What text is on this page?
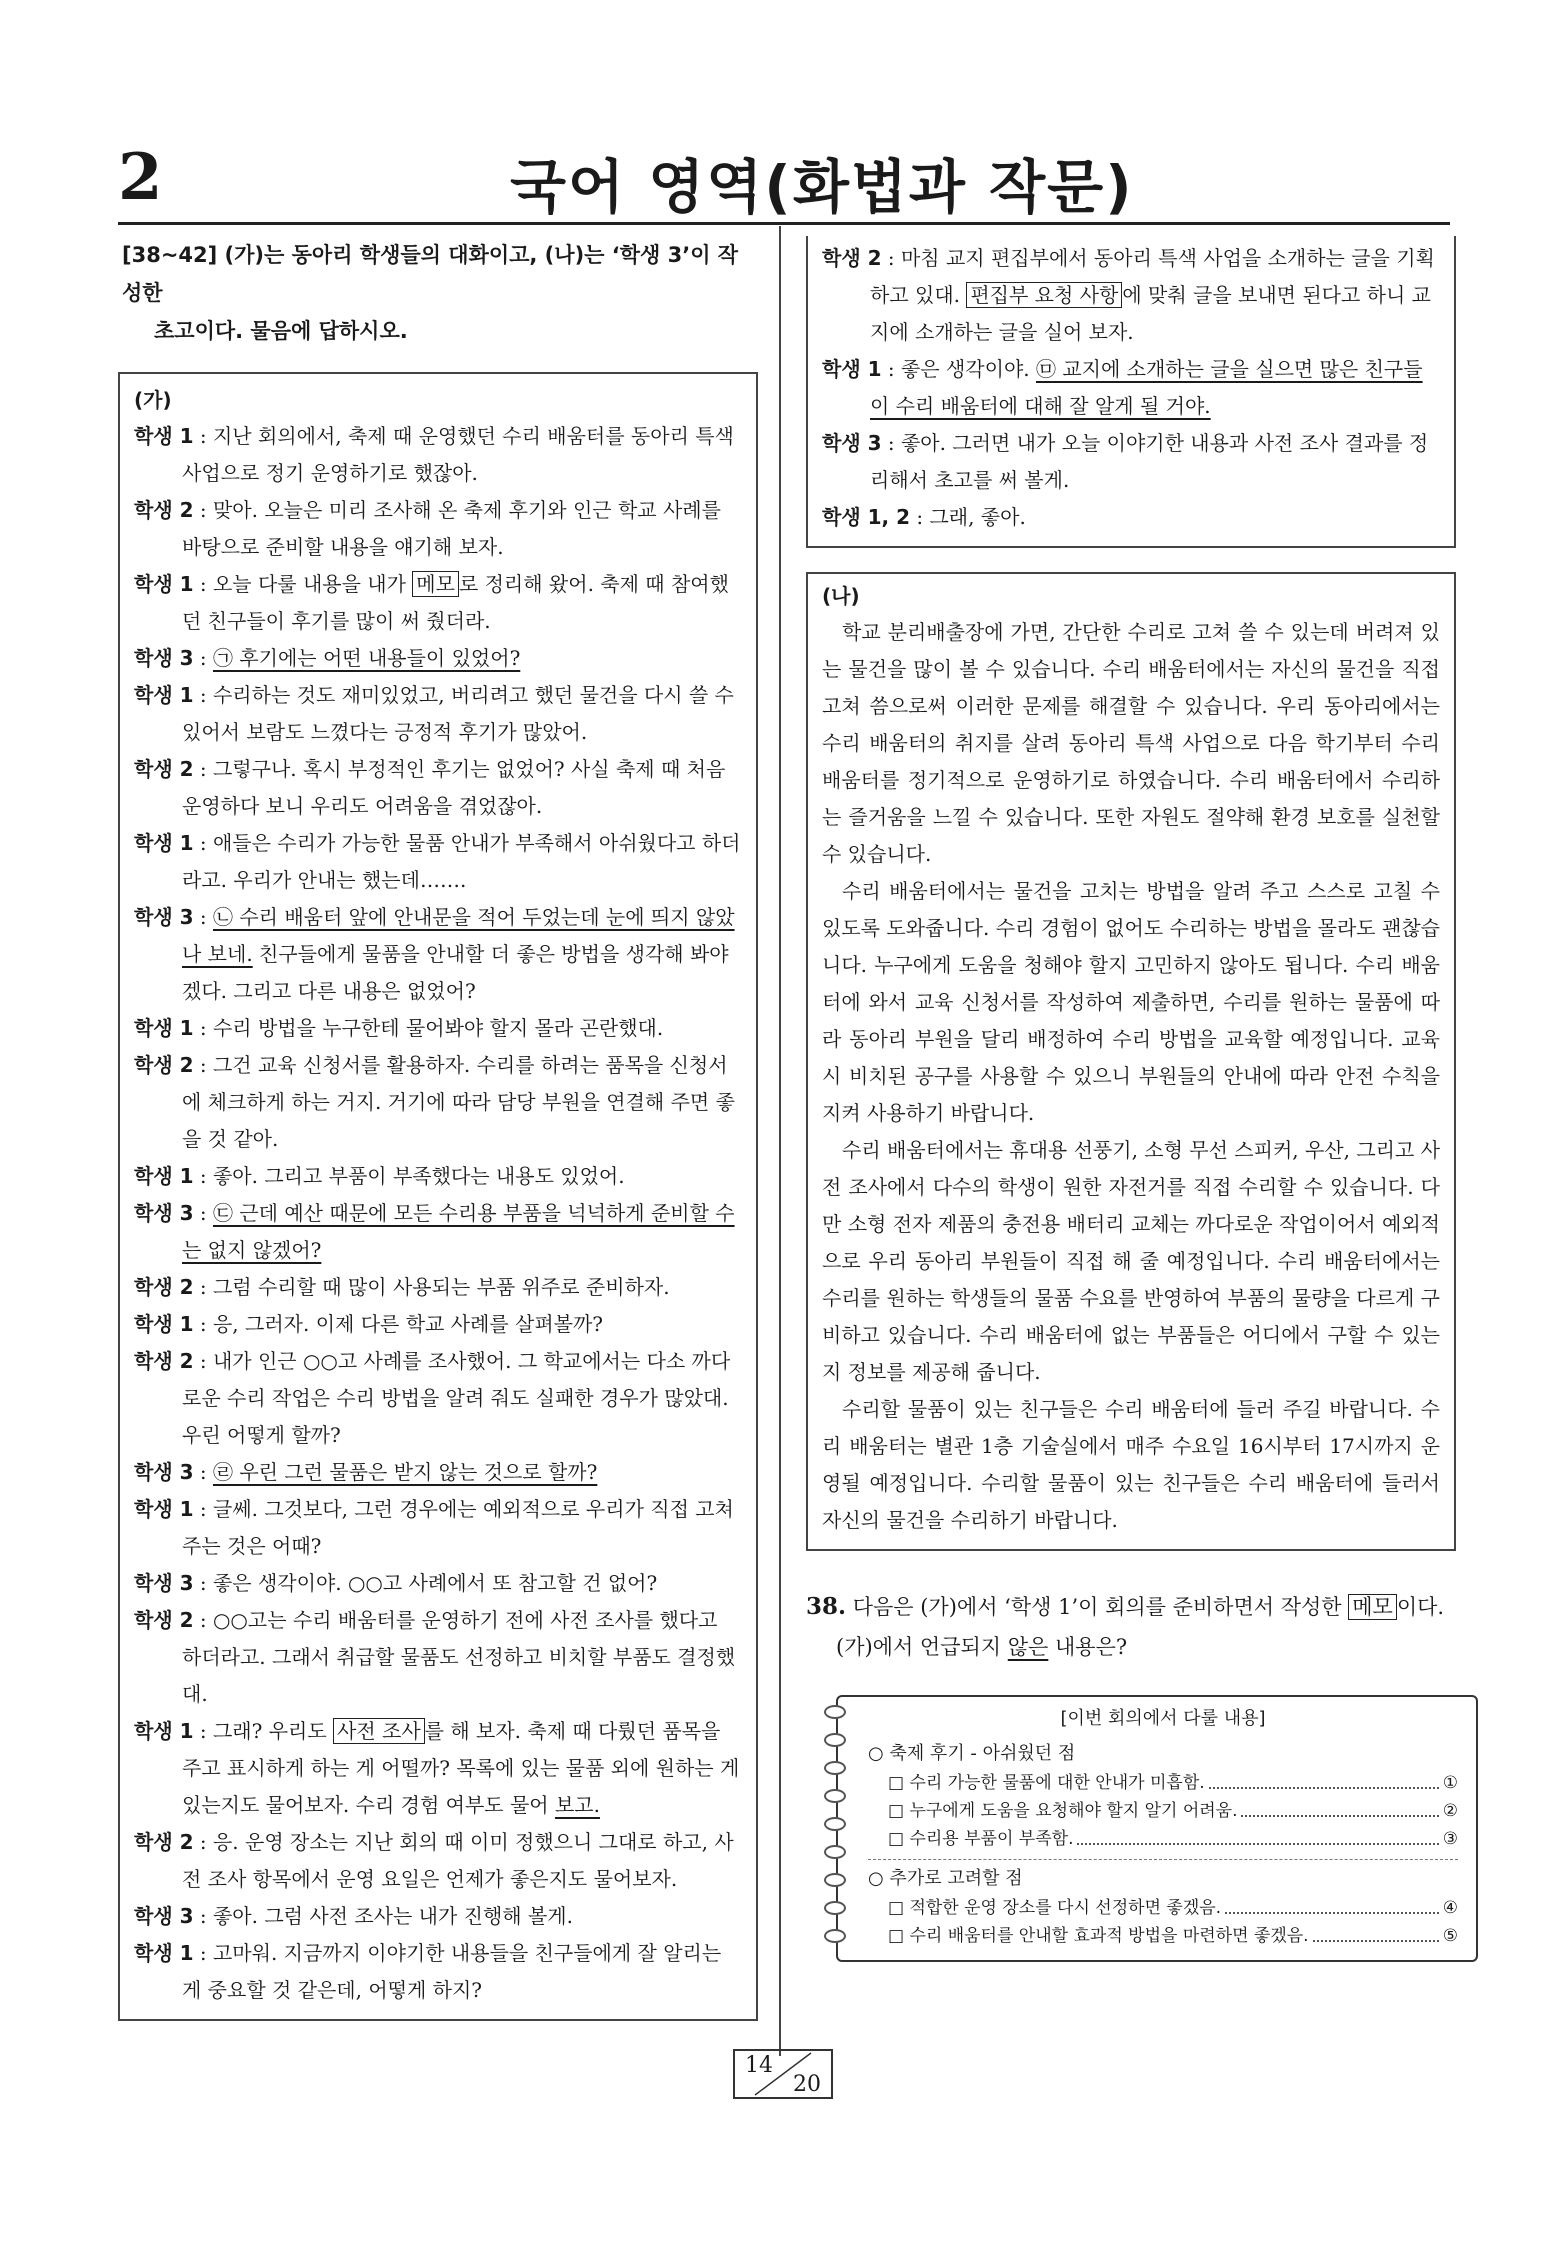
2	국어 영역(화법과 작문)
[38~42] (가)는 동아리 학생들의 대화이고, (나)는 ‘학생 3’이 작성한
초고이다. 물음에 답하시오.
(가)
학생 1 : 지난 회의에서, 축제 때 운영했던 수리 배움터를 동아리 특색 사업으로 정기 운영하기로 했잖아.
학생 2 : 맞아. 오늘은 미리 조사해 온 축제 후기와 인근 학교 사례를 바탕으로 준비할 내용을 얘기해 보자.
학생 1 : 오늘 다룰 내용을 내가 메모 로 정리해 왔어. 축제 때 참여했던 친구들이 후기를 많이 써 줬더라.
학생 3 : ㉠ 후기에는 어떤 내용들이 있었어?
학생 1 : 수리하는 것도 재미있었고, 버리려고 했던 물건을 다시 쓸 수 있어서 보람도 느꼈다는 긍정적 후기가 많았어.
학생 2 : 그렇구나. 혹시 부정적인 후기는 없었어? 사실 축제 때 처음 운영하다 보니 우리도 어려움을 겪었잖아.
학생 1 : 애들은 수리가 가능한 물품 안내가 부족해서 아쉬웠다고 하더라고. 우리가 안내는 했는데…….
학생 3 : ㉡ 수리 배움터 앞에 안내문을 적어 두었는데 눈에 띄지 않았나 보네. 친구들에게 물품을 안내할 더 좋은 방법을 생각해 봐야겠다. 그리고 다른 내용은 없었어?
학생 1 : 수리 방법을 누구한테 물어봐야 할지 몰라 곤란했대.
학생 2 : 그건 교육 신청서를 활용하자. 수리를 하려는 품목을 신청서에 체크하게 하는 거지. 거기에 따라 담당 부원을 연결해 주면 좋을 것 같아.
학생 1 : 좋아. 그리고 부품이 부족했다는 내용도 있었어.
학생 3 : ㉢ 근데 예산 때문에 모든 수리용 부품을 넉넉하게 준비할 수는 없지 않겠어?
학생 2 : 그럼 수리할 때 많이 사용되는 부품 위주로 준비하자.
학생 1 : 응, 그러자. 이제 다른 학교 사례를 살펴볼까?
학생 2 : 내가 인근 ○○고 사례를 조사했어. 그 학교에서는 다소 까다로운 수리 작업은 수리 방법을 알려 줘도 실패한 경우가 많았대. 우린 어떻게 할까?
학생 3 : ㉣ 우린 그런 물품은 받지 않는 것으로 할까?
학생 1 : 글쎄. 그것보다, 그런 경우에는 예외적으로 우리가 직접 고쳐 주는 것은 어때?
학생 3 : 좋은 생각이야. ○○고 사례에서 또 참고할 건 없어?
학생 2 : ○○고는 수리 배움터를 운영하기 전에 사전 조사를 했다고 하더라고. 그래서 취급할 물품도 선정하고 비치할 부품도 결정했대.
학생 1 : 그래? 우리도 사전 조사 를 해 보자. 축제 때 다뤘던 품목을 주고 표시하게 하는 게 어떨까? 목록에 있는 물품 외에 원하는 게 있는지도 물어보자. 수리 경험 여부도 물어 보고.
학생 2 : 응. 운영 장소는 지난 회의 때 이미 정했으니 그대로 하고, 사전 조사 항목에서 운영 요일은 언제가 좋은지도 물어보자.
학생 3 : 좋아. 그럼 사전 조사는 내가 진행해 볼게.
학생 1 : 고마워. 지금까지 이야기한 내용들을 친구들에게 잘 알리는 게 중요할 것 같은데, 어떻게 하지?
학생 2 : 마침 교지 편집부에서 동아리 특색 사업을 소개하는 글을 기획하고 있대. 편집부 요청 사항 에 맞춰 글을 보내면 된다고 하니 교지에 소개하는 글을 실어 보자.
학생 1 : 좋은 생각이야. ㉤ 교지에 소개하는 글을 실으면 많은 친구들이 수리 배움터에 대해 잘 알게 될 거야.
학생 3 : 좋아. 그러면 내가 오늘 이야기한 내용과 사전 조사 결과를 정리해서 초고를 써 볼게.
학생 1, 2 : 그래, 좋아.
(나)
학교 분리배출장에 가면, 간단한 수리로 고쳐 쓸 수 있는데 버려져 있는 물건을 많이 볼 수 있습니다. 수리 배움터에서는 자신의 물건을 직접 고쳐 씀으로써 이러한 문제를 해결할 수 있습니다. 우리 동아리에서는 수리 배움터의 취지를 살려 동아리 특색 사업으로 다음 학기부터 수리 배움터를 정기적으로 운영하기로 하였습니다. 수리 배움터에서 수리하는 즐거움을 느낄 수 있습니다. 또한 자원도 절약해 환경 보호를 실천할 수 있습니다.
수리 배움터에서는 물건을 고치는 방법을 알려 주고 스스로 고칠 수 있도록 도와줍니다. 수리 경험이 없어도 수리하는 방법을 몰라도 괜찮습니다. 누구에게 도움을 청해야 할지 고민하지 않아도 됩니다. 수리 배움터에 와서 교육 신청서를 작성하여 제출하면, 수리를 원하는 물품에 따라 동아리 부원을 달리 배정하여 수리 방법을 교육할 예정입니다. 교육 시 비치된 공구를 사용할 수 있으니 부원들의 안내에 따라 안전 수칙을 지켜 사용하기 바랍니다.
수리 배움터에서는 휴대용 선풍기, 소형 무선 스피커, 우산, 그리고 사전 조사에서 다수의 학생이 원한 자전거를 직접 수리할 수 있습니다. 다만 소형 전자 제품의 충전용 배터리 교체는 까다로운 작업이어서 예외적으로 우리 동아리 부원들이 직접 해 줄 예정입니다. 수리 배움터에서는 수리를 원하는 학생들의 물품 수요를 반영하여 부품의 물량을 다르게 구비하고 있습니다. 수리 배움터에 없는 부품들은 어디에서 구할 수 있는지 정보를 제공해 줍니다.
수리할 물품이 있는 친구들은 수리 배움터에 들러 주길 바랍니다. 수리 배움터는 별관 1층 기술실에서 매주 수요일 16시부터 17시까지 운영될 예정입니다. 수리할 물품이 있는 친구들은 수리 배움터에 들러서 자신의 물건을 수리하기 바랍니다.
38. 다음은 (가)에서 ‘학생 1’이 회의를 준비하면서 작성한 메모 이다.
(가)에서 언급되지 않은 내용은?
[이번 회의에서 다룰 내용]
○ 축제 후기 - 아쉬웠던 점
□ 수리 가능한 물품에 대한 안내가 미흡함.	①
□ 누구에게 도움을 요청해야 할지 알기 어려움.	②
□ 수리용 부품이 부족함.	③
○ 추가로 고려할 점
□ 적합한 운영 장소를 다시 선정하면 좋겠음.	④
□ 수리 배움터를 안내할 효과적 방법을 마련하면 좋겠음.	⑤
14
20
